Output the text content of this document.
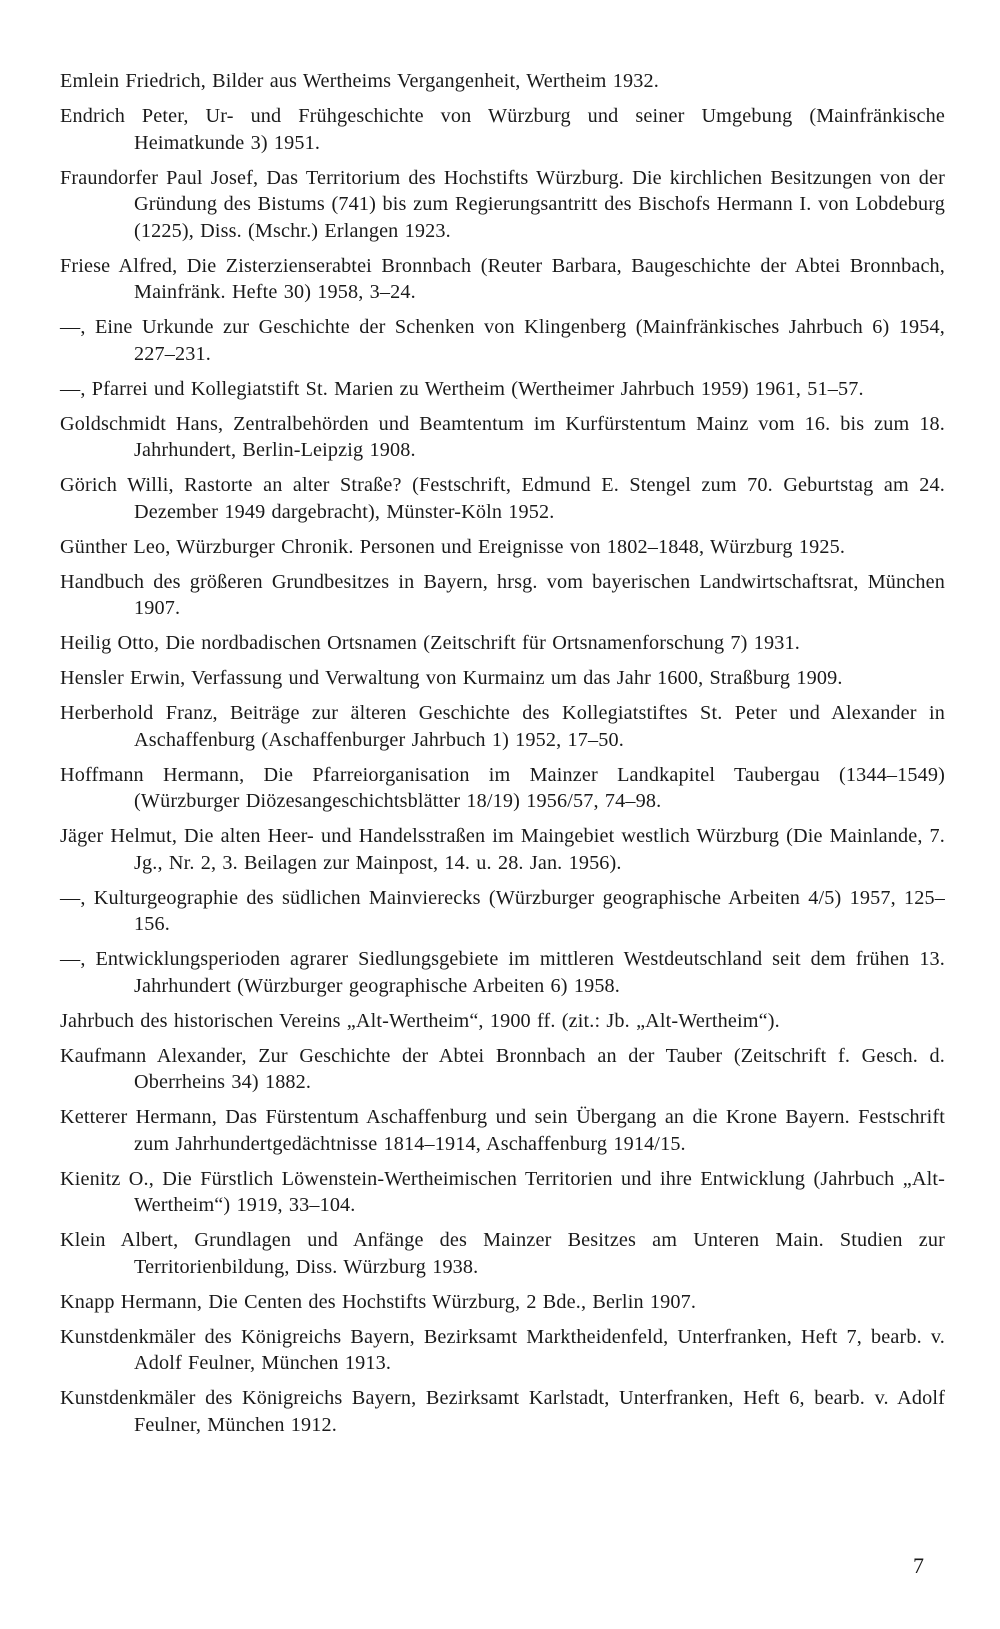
Emlein Friedrich, Bilder aus Wertheims Vergangenheit, Wertheim 1932.
Endrich Peter, Ur- und Frühgeschichte von Würzburg und seiner Umgebung (Mainfränkische Heimatkunde 3) 1951.
Fraundorfer Paul Josef, Das Territorium des Hochstifts Würzburg. Die kirchlichen Besitzungen von der Gründung des Bistums (741) bis zum Regierungsantritt des Bischofs Hermann I. von Lobdeburg (1225), Diss. (Mschr.) Erlangen 1923.
Friese Alfred, Die Zisterzienserabtei Bronnbach (Reuter Barbara, Baugeschichte der Abtei Bronnbach, Mainfränk. Hefte 30) 1958, 3–24.
—, Eine Urkunde zur Geschichte der Schenken von Klingenberg (Mainfränkisches Jahrbuch 6) 1954, 227–231.
—, Pfarrei und Kollegiatstift St. Marien zu Wertheim (Wertheimer Jahrbuch 1959) 1961, 51–57.
Goldschmidt Hans, Zentralbehörden und Beamtentum im Kurfürstentum Mainz vom 16. bis zum 18. Jahrhundert, Berlin-Leipzig 1908.
Görich Willi, Rastorte an alter Straße? (Festschrift, Edmund E. Stengel zum 70. Geburtstag am 24. Dezember 1949 dargebracht), Münster-Köln 1952.
Günther Leo, Würzburger Chronik. Personen und Ereignisse von 1802–1848, Würzburg 1925.
Handbuch des größeren Grundbesitzes in Bayern, hrsg. vom bayerischen Landwirtschaftsrat, München 1907.
Heilig Otto, Die nordbadischen Ortsnamen (Zeitschrift für Ortsnamenforschung 7) 1931.
Hensler Erwin, Verfassung und Verwaltung von Kurmainz um das Jahr 1600, Straßburg 1909.
Herberhold Franz, Beiträge zur älteren Geschichte des Kollegiatstiftes St. Peter und Alexander in Aschaffenburg (Aschaffenburger Jahrbuch 1) 1952, 17–50.
Hoffmann Hermann, Die Pfarreiorganisation im Mainzer Landkapitel Taubergau (1344–1549) (Würzburger Diözesangeschichtsblätter 18/19) 1956/57, 74–98.
Jäger Helmut, Die alten Heer- und Handelsstraßen im Maingebiet westlich Würzburg (Die Mainlande, 7. Jg., Nr. 2, 3. Beilagen zur Mainpost, 14. u. 28. Jan. 1956).
—, Kulturgeographie des südlichen Mainvierecks (Würzburger geographische Arbeiten 4/5) 1957, 125–156.
—, Entwicklungsperioden agrarer Siedlungsgebiete im mittleren Westdeutschland seit dem frühen 13. Jahrhundert (Würzburger geographische Arbeiten 6) 1958.
Jahrbuch des historischen Vereins „Alt-Wertheim“, 1900 ff. (zit.: Jb. „Alt-Wertheim“).
Kaufmann Alexander, Zur Geschichte der Abtei Bronnbach an der Tauber (Zeitschrift f. Gesch. d. Oberrheins 34) 1882.
Ketterer Hermann, Das Fürstentum Aschaffenburg und sein Übergang an die Krone Bayern. Festschrift zum Jahrhundertgedächtnisse 1814–1914, Aschaffenburg 1914/15.
Kienitz O., Die Fürstlich Löwenstein-Wertheimischen Territorien und ihre Entwicklung (Jahrbuch „Alt-Wertheim“) 1919, 33–104.
Klein Albert, Grundlagen und Anfänge des Mainzer Besitzes am Unteren Main. Studien zur Territorienbildung, Diss. Würzburg 1938.
Knapp Hermann, Die Centen des Hochstifts Würzburg, 2 Bde., Berlin 1907.
Kunstdenkmäler des Königreichs Bayern, Bezirksamt Marktheidenfeld, Unterfranken, Heft 7, bearb. v. Adolf Feulner, München 1913.
Kunstdenkmäler des Königreichs Bayern, Bezirksamt Karlstadt, Unterfranken, Heft 6, bearb. v. Adolf Feulner, München 1912.
7
